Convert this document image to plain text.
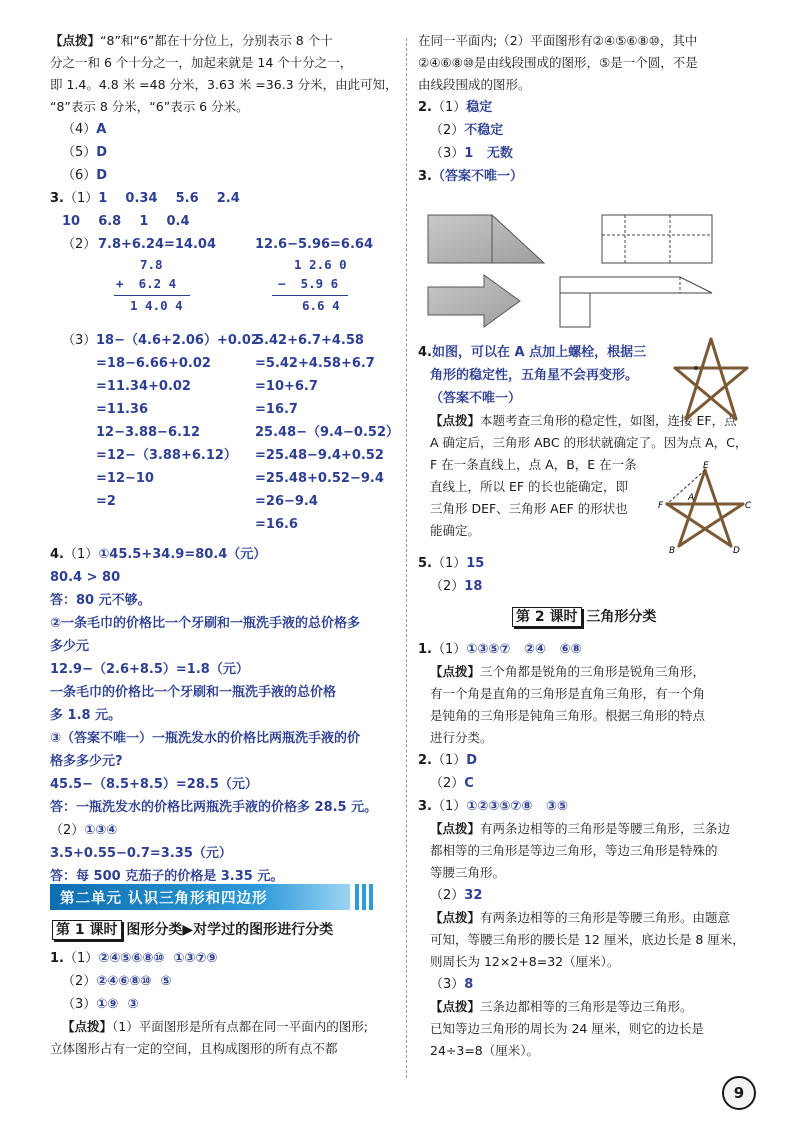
【点拨】“8”和“6”都在十分位上，分别表示 8 个十
分之一和 6 个十分之一，加起来就是 14 个十分之一，
即 1.4。4.8 米 =48 分米，3.63 米 =36.3 分米，由此可知，
“8”表示 8 分米，“6”表示 6 分米。
（4）A
（5）D
（6）D
3.（1）1    0.34    5.6    2.4
10    6.8    1    0.4
（2） 7.8+6.24=14.04	12.6−5.96=6.64
7.8
+  6.2 4
1 4.0 4
1 2.6 0
−  5.9 6
6.6 4
（3） 18−（4.6+2.06）+0.02
=18−6.66+0.02
=11.34+0.02
=11.36
5.42+6.7+4.58
=5.42+4.58+6.7
=10+6.7
=16.7
12−3.88−6.12
=12−（3.88+6.12）
=12−10
=2
25.48−（9.4−0.52）
=25.48−9.4+0.52
=25.48+0.52−9.4
=26−9.4
=16.6
4.（1）①45.5+34.9=80.4（元）
80.4 > 80
答：80 元不够。
②一条毛巾的价格比一个牙刷和一瓶洗手液的总价格多
多少元
12.9−（2.6+8.5）=1.8（元）
一条毛巾的价格比一个牙刷和一瓶洗手液的总价格
多 1.8 元。
③（答案不唯一）一瓶洗发水的价格比两瓶洗手液的价
格多多少元?
45.5−（8.5+8.5）=28.5（元）
答：一瓶洗发水的价格比两瓶洗手液的价格多 28.5 元。
（2）①③④
3.5+0.55−0.7=3.35（元）
答：每 500 克茄子的价格是 3.35 元。
第二单元 认识三角形和四边形
第 1 课时 图形分类▶对学过的图形进行分类
1.（1）②④⑤⑥⑧⑩  ①③⑦⑨
（2）②④⑥⑧⑩  ⑤
（3）①⑨  ③
【点拨】（1）平面图形是所有点都在同一平面内的图形;
立体图形占有一定的空间，且构成图形的所有点不都
在同一平面内;（2）平面图形有②④⑤⑥⑧⑩，其中
②④⑥⑧⑩是由线段围成的图形，⑤是一个圆，不是
由线段围成的图形。
2.（1）稳定
（2）不稳定
（3）1   无数
3.（答案不唯一）
4.如图，可以在 A 点加上螺栓，根据三
角形的稳定性，五角星不会再变形。
（答案不唯一）
【点拨】本题考查三角形的稳定性，如图，连接 EF，点
A 确定后，三角形 ABC 的形状就确定了。因为点 A，C，
F 在一条直线上，点 A，B，E 在一条
直线上，所以 EF 的长也能确定，即
三角形 DEF、三角形 AEF 的形状也
能确定。
E
F
A
C
B	D
5.（1）15
（2）18
第 2 课时 三角形分类
1.（1）①③⑤⑦   ②④   ⑥⑧
【点拨】三个角都是锐角的三角形是锐角三角形，
有一个角是直角的三角形是直角三角形，有一个角
是钝角的三角形是钝角三角形。根据三角形的特点
进行分类。
2.（1）D
（2）C
3.（1）①②③⑤⑦⑧   ③⑤
【点拨】有两条边相等的三角形是等腰三角形，三条边
都相等的三角形是等边三角形，等边三角形是特殊的
等腰三角形。
（2）32
【点拨】有两条边相等的三角形是等腰三角形。由题意
可知，等腰三角形的腰长是 12 厘米，底边长是 8 厘米，
则周长为 12×2+8=32（厘米）。
（3）8
【点拨】三条边都相等的三角形是等边三角形。
已知等边三角形的周长为 24 厘米，则它的边长是
24÷3=8（厘米）。
9
